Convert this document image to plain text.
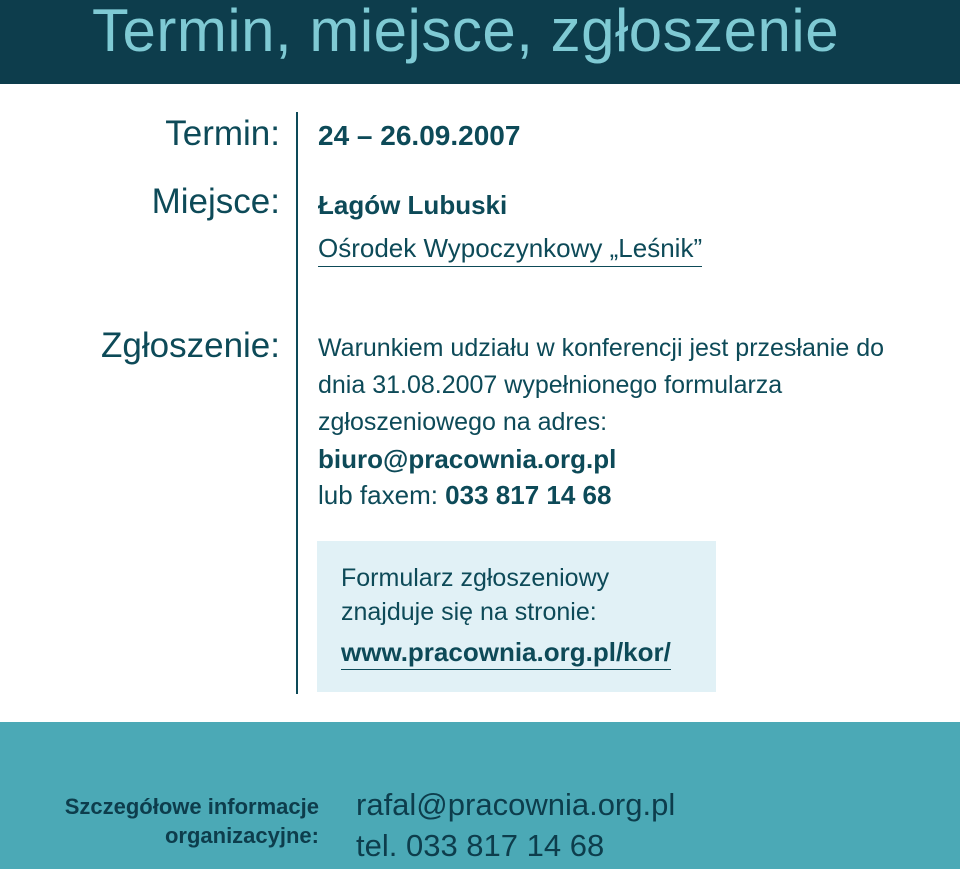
Termin, miejsce, zgłoszenie
Termin:
Miejsce:
Zgłoszenie:
24 – 26.09.2007
Łagów Lubuski
Ośrodek Wypoczynkowy „Leśnik”
Warunkiem udziału w konferencji jest przesłanie do dnia 31.08.2007 wypełnionego formularza zgłoszeniowego na adres:
biuro@pracownia.org.pl
lub faxem: 033 817 14 68
Formularz zgłoszeniowy
znajduje się na stronie:
www.pracownia.org.pl/kor/
Szczegółowe informacje
organizacyjne:
rafal@pracownia.org.pl
tel. 033 817 14 68
